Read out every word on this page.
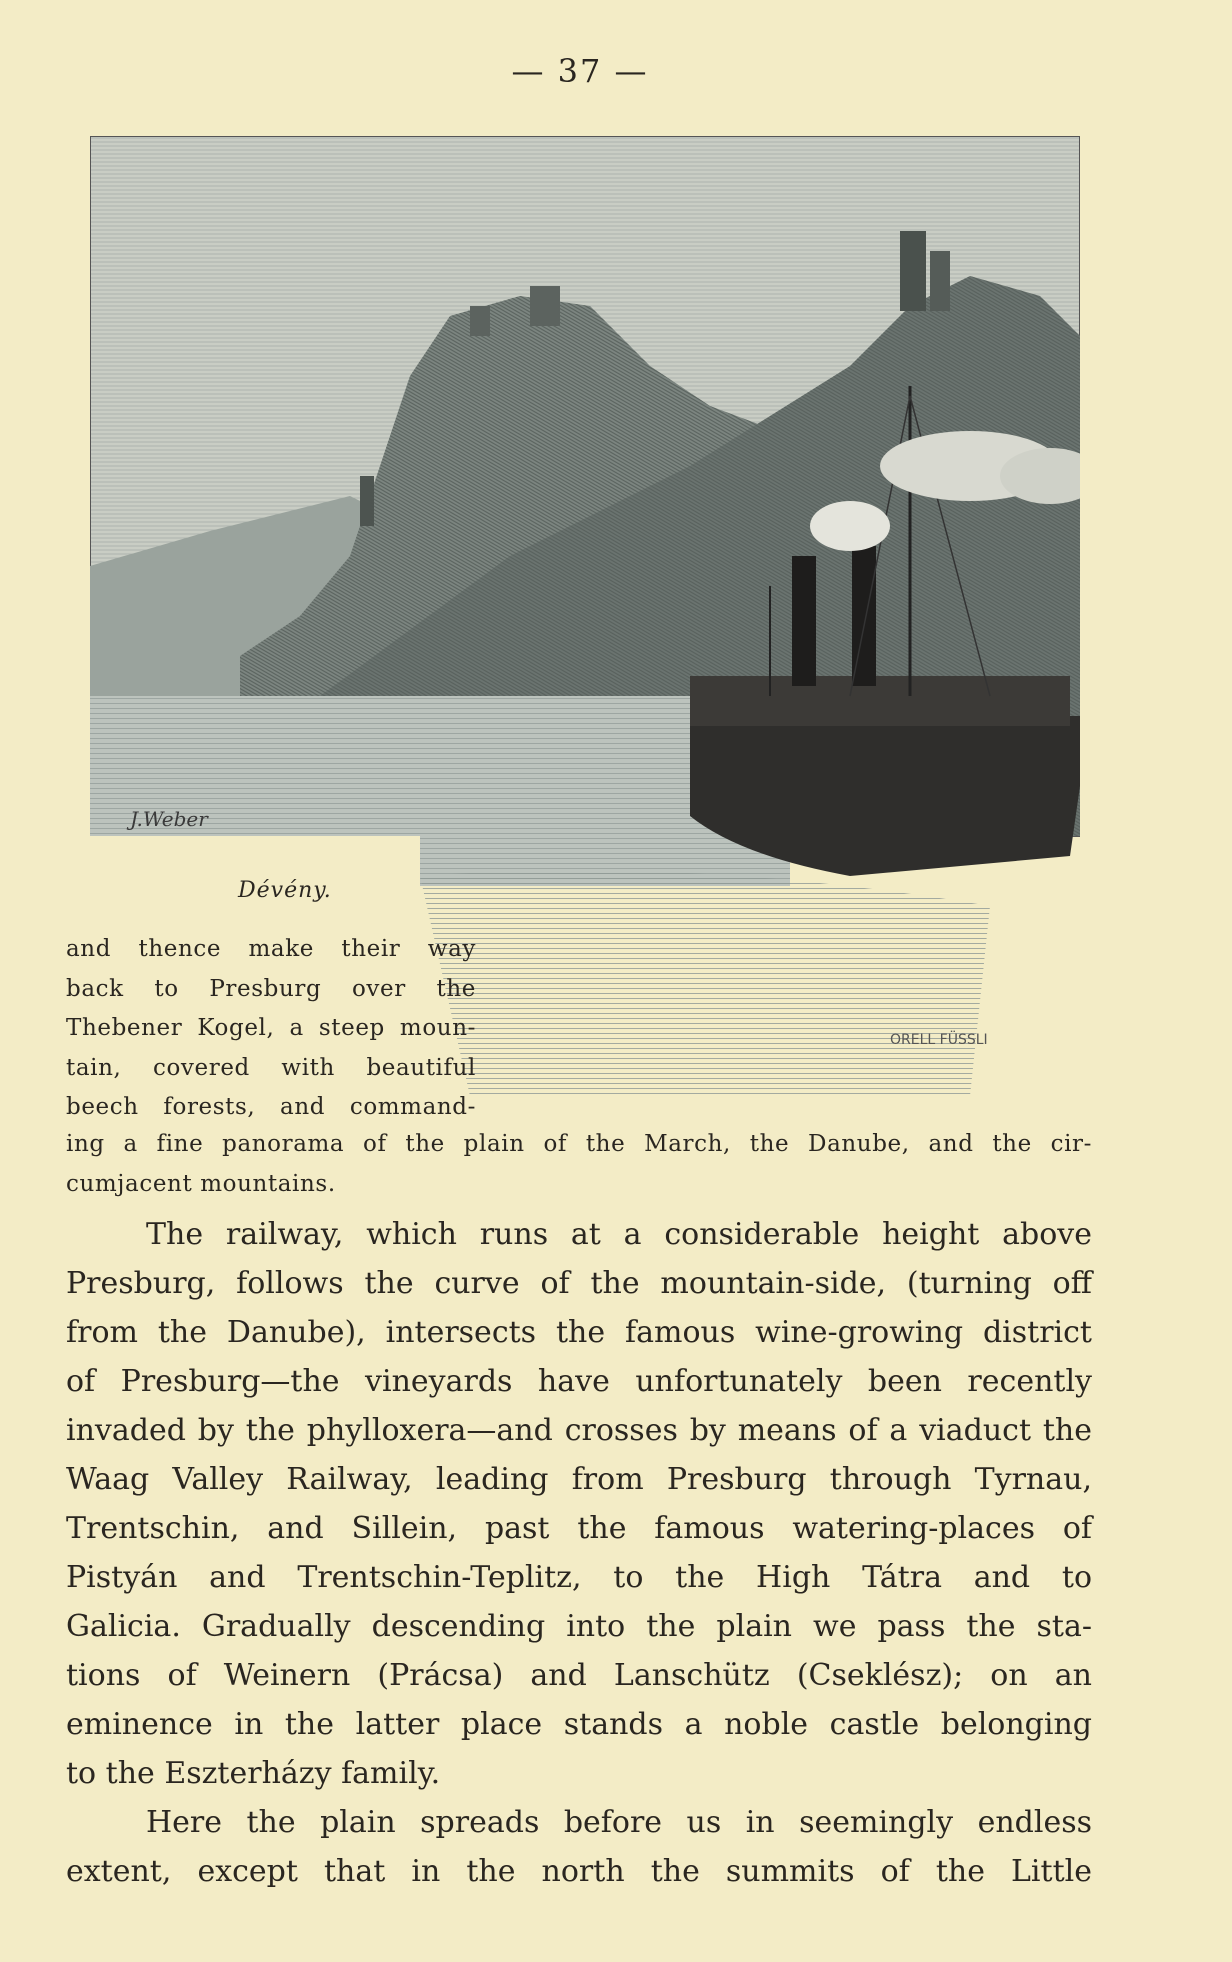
— 37 —
J.Weber
ORELL FÜSSLI
Dévény.
and thence make their way
back to Presburg over the
Thebener Kogel, a steep moun-
tain, covered with beautiful
beech forests, and command-
ing a fine panorama of the plain of the March, the Danube, and the cir-
cumjacent mountains.
The railway, which runs at a considerable height above
Presburg, follows the curve of the mountain-side, (turning off
from the Danube), intersects the famous wine-growing district
of Presburg—the vineyards have unfortunately been recently
invaded by the phylloxera—and crosses by means of a viaduct the
Waag Valley Railway, leading from Presburg through Tyrnau,
Trentschin, and Sillein, past the famous watering-places of
Pistyán and Trentschin-Teplitz, to the High Tátra and to
Galicia. Gradually descending into the plain we pass the sta-
tions of Weinern (Prácsa) and Lanschütz (Cseklész); on an
eminence in the latter place stands a noble castle belonging
to the Eszterházy family.
Here the plain spreads before us in seemingly endless
extent, except that in the north the summits of the Little
